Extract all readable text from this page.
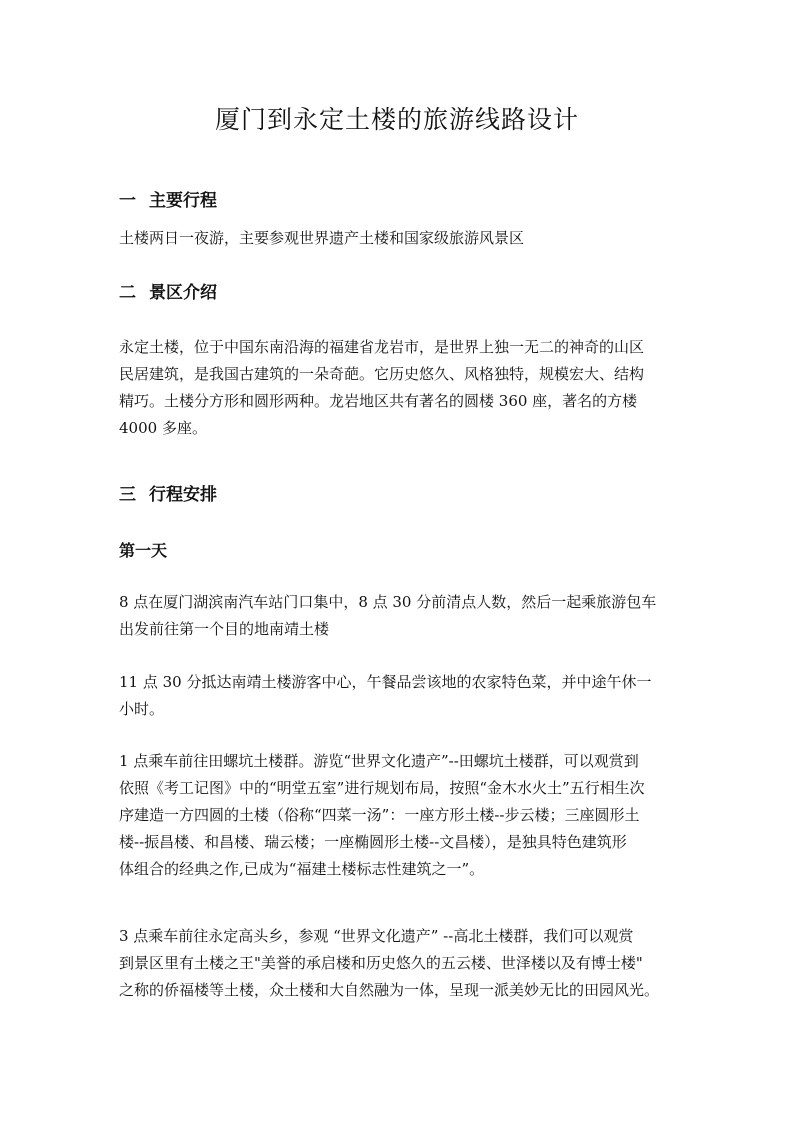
厦门到永定土楼的旅游线路设计
一 主要行程

土楼两日一夜游，主要参观世界遗产土楼和国家级旅游风景区

二 景区介绍
永定土楼，位于中国东南沿海的福建省龙岩市，是世界上独一无二的神奇的山区
民居建筑，是我国古建筑的一朵奇葩。它历史悠久、风格独特，规模宏大、结构
精巧。土楼分方形和圆形两种。龙岩地区共有著名的圆楼 360 座，著名的方楼
4000 多座。
三 行程安排
第一天
8 点在厦门湖滨南汽车站门口集中，8 点 30 分前清点人数，然后一起乘旅游包车
出发前往第一个目的地南靖土楼
11 点 30 分抵达南靖土楼游客中心，午餐品尝该地的农家特色菜，并中途午休一
小时。
1 点乘车前往田螺坑土楼群。游览“世界文化遗产”--田螺坑土楼群，可以观赏到
依照《考工记图》中的“明堂五室”进行规划布局，按照“金木水火土”五行相生次
序建造一方四圆的土楼（俗称“四菜一汤”：一座方形土楼--步云楼；三座圆形土
楼--振昌楼、和昌楼、瑞云楼；一座椭圆形土楼--文昌楼），是独具特色建筑形
体组合的经典之作,已成为“福建土楼标志性建筑之一”。
3 点乘车前往永定高头乡，参观 “世界文化遗产” --高北土楼群，我们可以观赏
到景区里有土楼之王"美誉的承启楼和历史悠久的五云楼、世泽楼以及有博士楼"
之称的侨福楼等土楼，众土楼和大自然融为一体，呈现一派美妙无比的田园风光。
